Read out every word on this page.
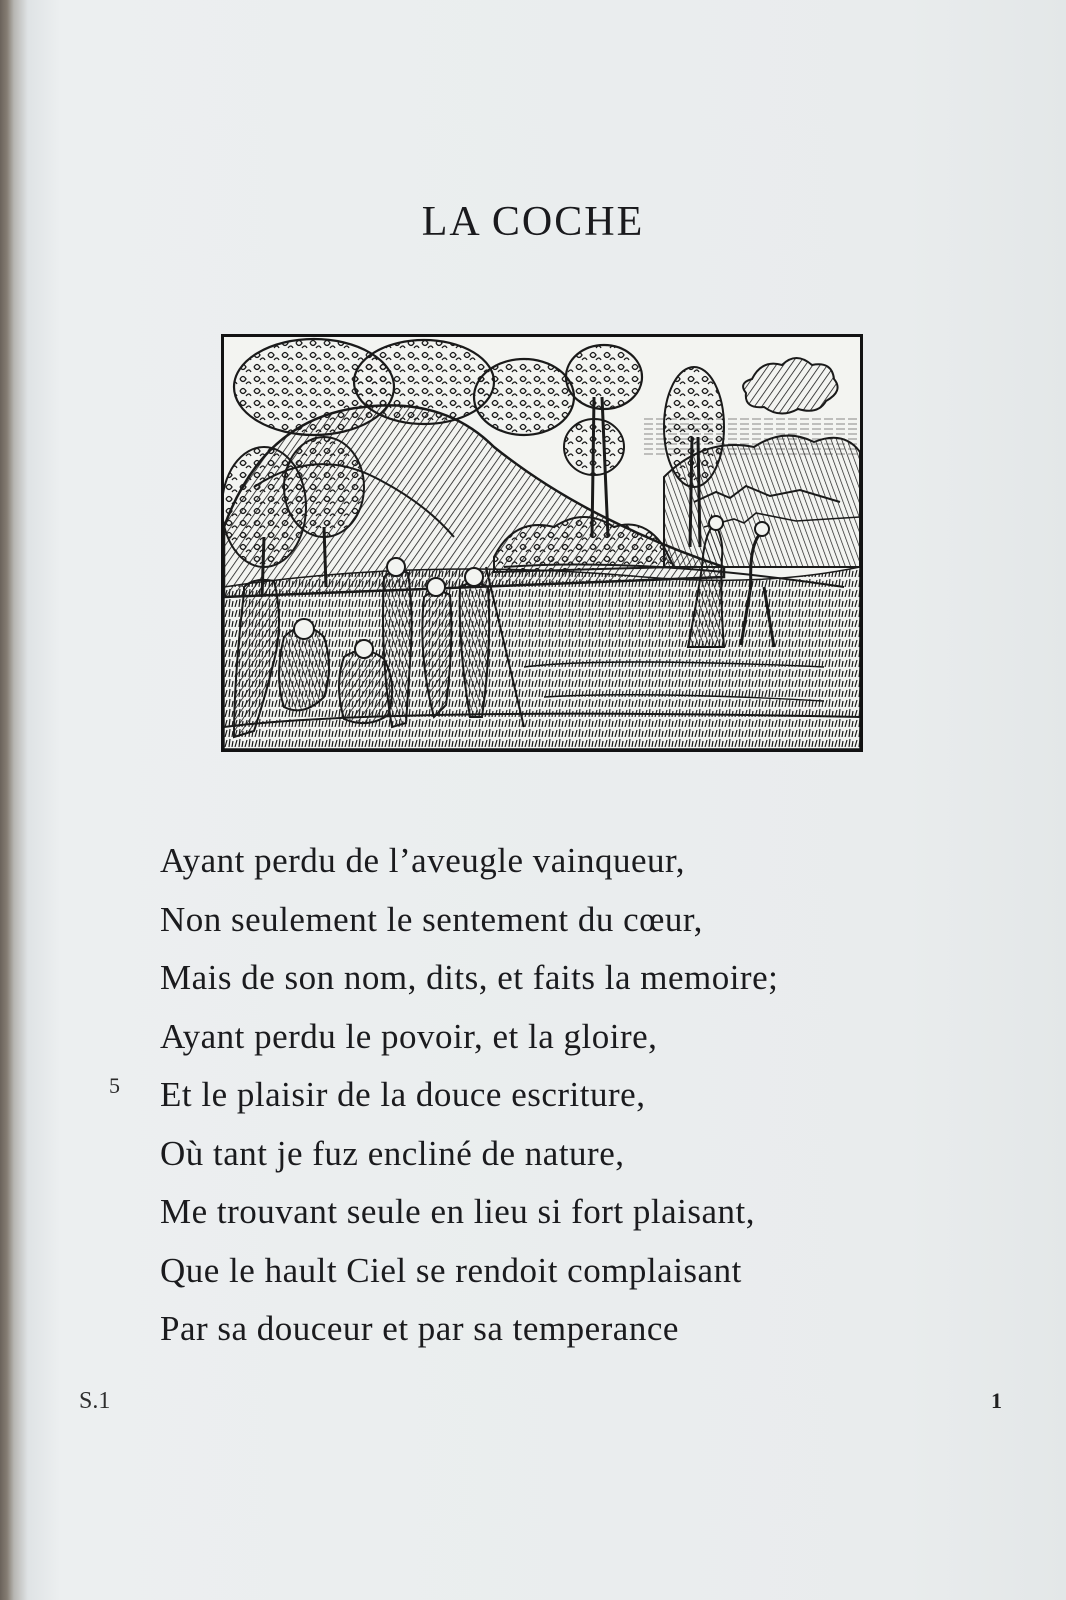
LA COCHE
Ayant perdu de l’aveugle vainqueur,
Non seulement le sentement du cœur,
Mais de son nom, dits, et faits la memoire;
Ayant perdu le povoir, et la gloire,
Et le plaisir de la douce escriture,
Où tant je fuz encliné de nature,
Me trouvant seule en lieu si fort plaisant,
Que le hault Ciel se rendoit complaisant
Par sa douceur et par sa temperance
5
S.1	1
